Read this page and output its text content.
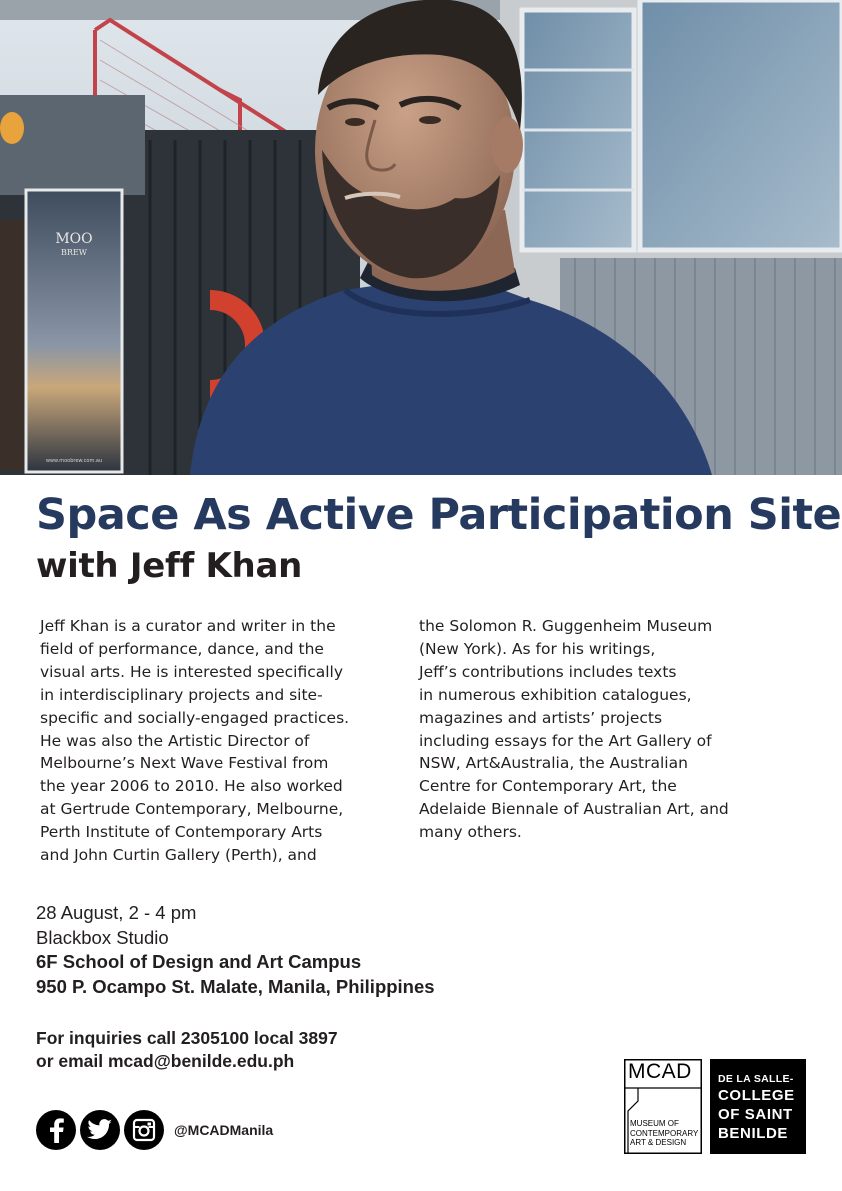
MOO
BREW
www.moobrew.com.au
Space As Active Participation Site
with Jeff Khan
Jeff Khan is a curator and writer in the
field of performance, dance, and the
visual arts. He is interested specifically
in interdisciplinary projects and site-
specific and socially-engaged practices.
He was also the Artistic Director of
Melbourne’s Next Wave Festival from
the year 2006 to 2010. He also worked
at Gertrude Contemporary, Melbourne,
Perth Institute of Contemporary Arts
and John Curtin Gallery (Perth), and
the Solomon R. Guggenheim Museum
(New York). As for his writings,
Jeff’s contributions includes texts
in numerous exhibition catalogues,
magazines and artists’ projects
including essays for the Art Gallery of
NSW, Art&Australia, the Australian
Centre for Contemporary Art, the
Adelaide Biennale of Australian Art, and
many others.
28 August, 2 - 4 pm
Blackbox Studio
6F School of Design and Art Campus
950 P. Ocampo St. Malate, Manila, Philippines
For inquiries call 2305100 local 3897
or email mcad@benilde.edu.ph
@MCADManila
MCAD
MUSEUM OF
CONTEMPORARY
ART & DESIGN
DE LA SALLE-
COLLEGE
OF SAINT
BENILDE
